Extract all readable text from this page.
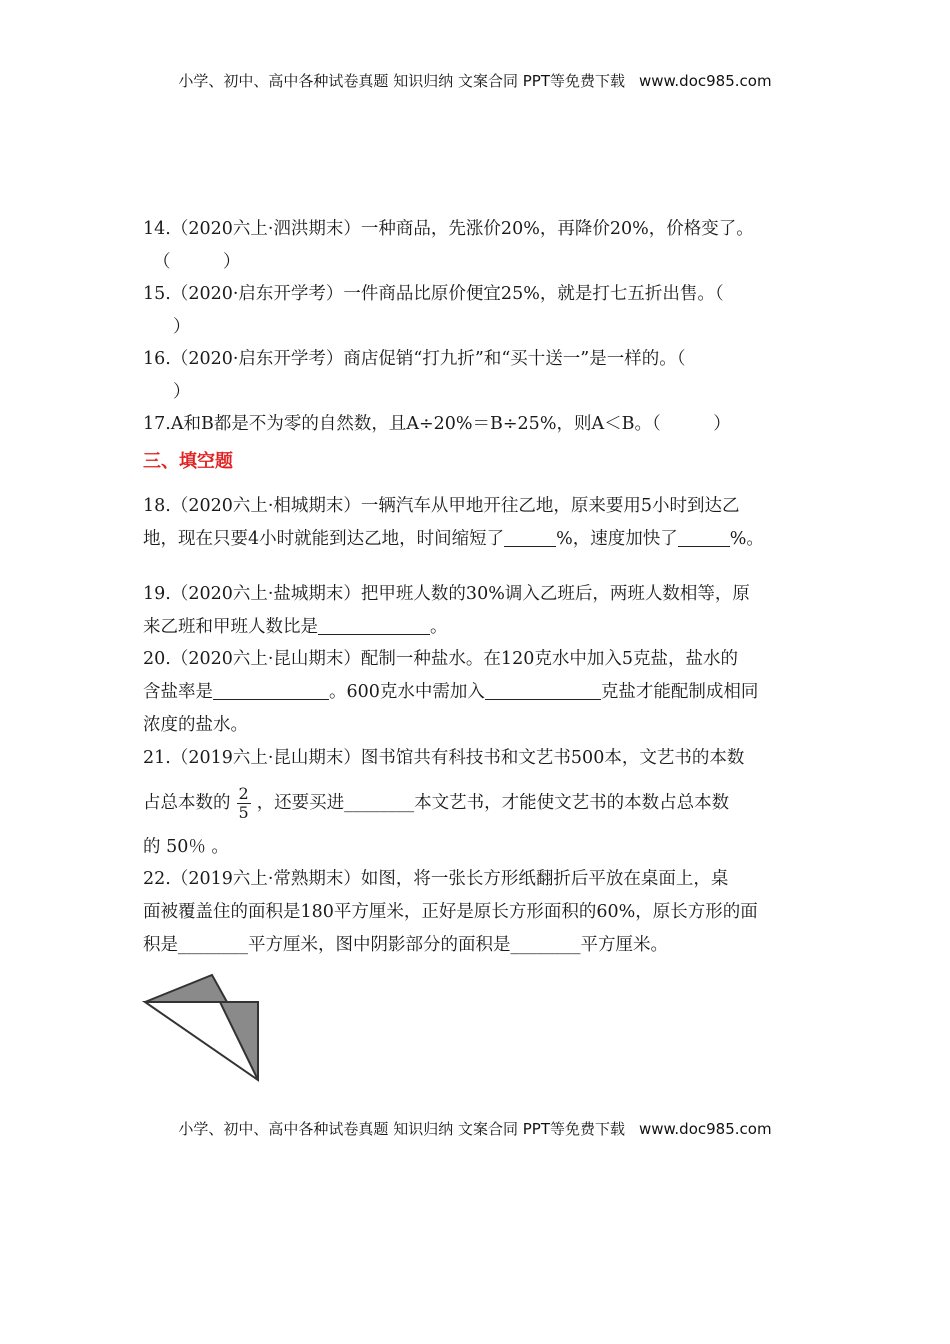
小学、初中、高中各种试卷真题 知识归纳 文案合同 PPT等免费下载 www.doc985.com
14.（2020六上·泗洪期末）一种商品，先涨价20%，再降价20%，价格变了。
（　　　）
15.（2020·启东开学考）一件商品比原价便宜25%，就是打七五折出售。（
）
16.（2020·启东开学考）商店促销“打九折”和“买十送一”是一样的。（
）
17.A和B都是不为零的自然数，且A÷20%＝B÷25%，则A＜B。（　　　）
三、填空题
18.（2020六上·相城期末）一辆汽车从甲地开往乙地，原来要用5小时到达乙
地，现在只要4小时就能到达乙地，时间缩短了	%，速度加快了	%。
19.（2020六上·盐城期末）把甲班人数的30%调入乙班后，两班人数相等，原
来乙班和甲班人数比是	。
20.（2020六上·昆山期末）配制一种盐水。在120克水中加入5克盐，盐水的
含盐率是	。600克水中需加入	克盐才能配制成相同
浓度的盐水。
21.（2019六上·昆山期末）图书馆共有科技书和文艺书500本，文艺书的本数
占总本数的 $\frac{2}{5}$ ，还要买进________本文艺书，才能使文艺书的本数占总本数
的 50％ 。
22.（2019六上·常熟期末）如图，将一张长方形纸翻折后平放在桌面上，桌
面被覆盖住的面积是180平方厘米，正好是原长方形面积的60%，原长方形的面
积是________平方厘米，图中阴影部分的面积是________平方厘米。
小学、初中、高中各种试卷真题 知识归纳 文案合同 PPT等免费下载 www.doc985.com
